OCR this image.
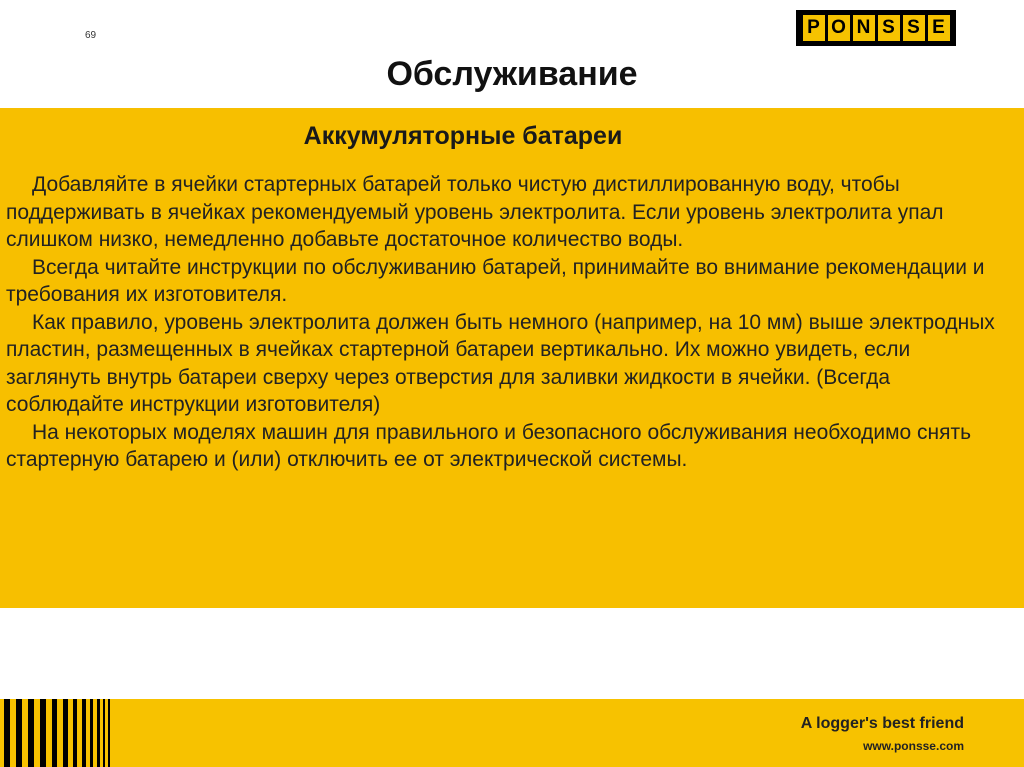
69	P O N S S E
Обслуживание
Аккумуляторные батареи

Добавляйте в ячейки стартерных батарей только чистую дистиллированную воду, чтобы поддерживать в ячейках рекомендуемый уровень электролита. Если уровень электролита упал слишком низко, немедленно добавьте достаточное количество воды.

Всегда читайте инструкции по обслуживанию батарей, принимайте во внимание рекомендации и требования их изготовителя.

Как правило, уровень электролита должен быть немного (например, на 10 мм) выше электродных пластин, размещенных в ячейках стартерной батареи вертикально. Их можно увидеть, если заглянуть внутрь батареи сверху через отверстия для заливки жидкости в ячейки. (Всегда соблюдайте инструкции изготовителя)

На некоторых моделях машин для правильного и безопасного обслуживания необходимо снять стартерную батарею и (или) отключить ее от электрической системы.

A logger's best friend
www.ponsse.com
